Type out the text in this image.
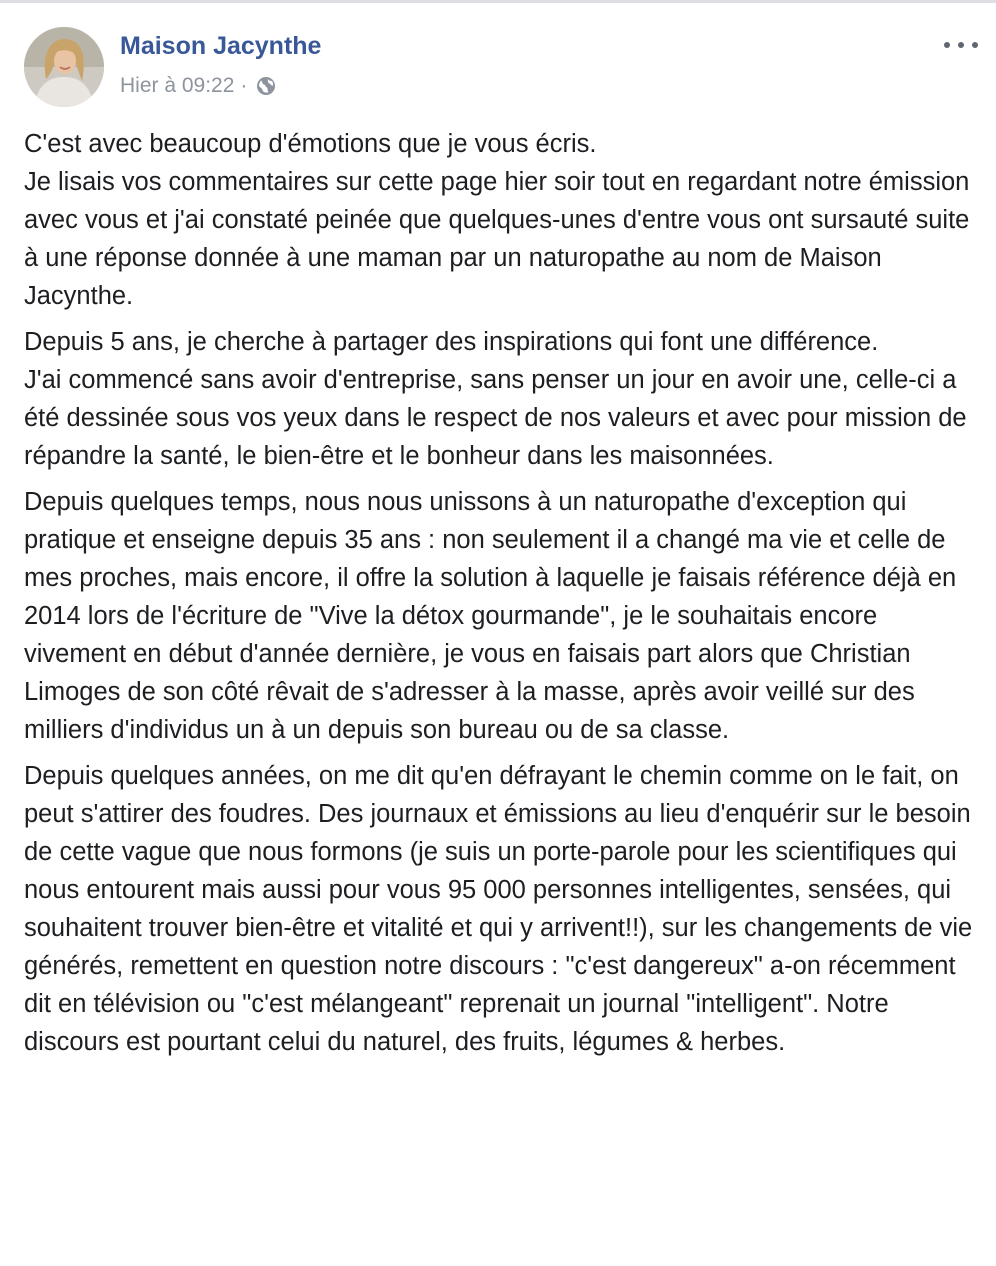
Maison Jacynthe
Hier à 09:22 ·

C'est avec beaucoup d'émotions que je vous écris.
Je lisais vos commentaires sur cette page hier soir tout en regardant notre émission avec vous et j'ai constaté peinée que quelques-unes d'entre vous ont sursauté suite à une réponse donnée à une maman par un naturopathe au nom de Maison Jacynthe.

Depuis 5 ans, je cherche à partager des inspirations qui font une différence.
J'ai commencé sans avoir d'entreprise, sans penser un jour en avoir une, celle-ci a été dessinée sous vos yeux dans le respect de nos valeurs et avec pour mission de répandre la santé, le bien-être et le bonheur dans les maisonnées.

Depuis quelques temps, nous nous unissons à un naturopathe d'exception qui pratique et enseigne depuis 35 ans : non seulement il a changé ma vie et celle de mes proches, mais encore, il offre la solution à laquelle je faisais référence déjà en 2014 lors de l'écriture de "Vive la détox gourmande", je le souhaitais encore vivement en début d'année dernière, je vous en faisais part alors que Christian Limoges de son côté rêvait de s'adresser à la masse, après avoir veillé sur des milliers d'individus un à un depuis son bureau ou de sa classe.

Depuis quelques années, on me dit qu'en défrayant le chemin comme on le fait, on peut s'attirer des foudres. Des journaux et émissions au lieu d'enquérir sur le besoin de cette vague que nous formons (je suis un porte-parole pour les scientifiques qui nous entourent mais aussi pour vous 95 000 personnes intelligentes, sensées, qui souhaitent trouver bien-être et vitalité et qui y arrivent!!), sur les changements de vie générés, remettent en question notre discours : "c'est dangereux" a-on récemment dit en télévision ou "c'est mélangeant" reprenait un journal "intelligent". Notre discours est pourtant celui du naturel, des fruits, légumes & herbes.
